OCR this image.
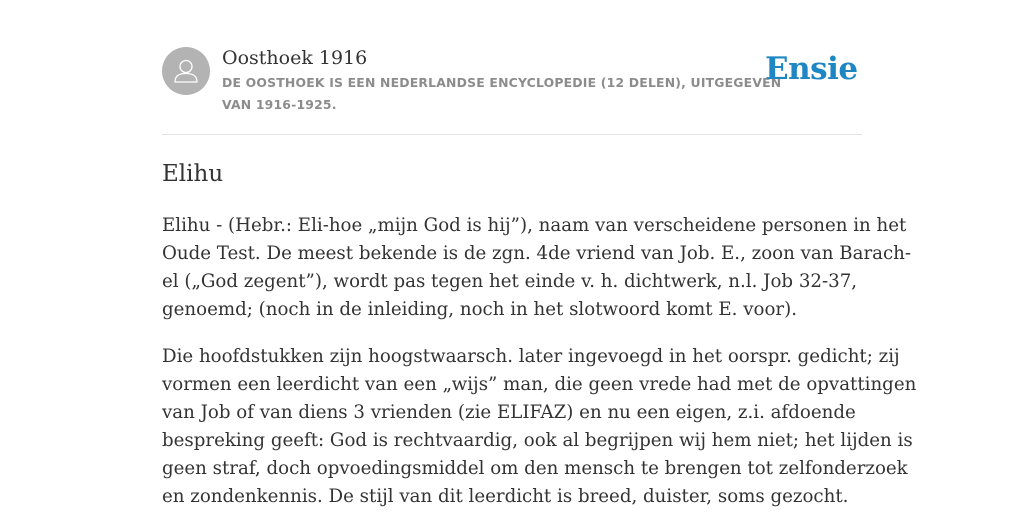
Oosthoek 1916

DE OOSTHOEK IS EEN NEDERLANDSE ENCYCLOPEDIE (12 DELEN), UITGEGEVEN
VAN 1916-1925.

Ensie
Elihu

Elihu - (Hebr.: Eli-hoe „mijn God is hij”), naam van verscheidene personen in het
Oude Test. De meest bekende is de zgn. 4de vriend van Job. E., zoon van Barach-
el („God zegent”), wordt pas tegen het einde v. h. dichtwerk, n.l. Job 32-37,
genoemd; (noch in de inleiding, noch in het slotwoord komt E. voor).

Die hoofdstukken zijn hoogstwaarsch. later ingevoegd in het oorspr. gedicht; zij
vormen een leerdicht van een „wijs” man, die geen vrede had met de opvattingen
van Job of van diens 3 vrienden (zie ELIFAZ) en nu een eigen, z.i. afdoende
bespreking geeft: God is rechtvaardig, ook al begrijpen wij hem niet; het lijden is
geen straf, doch opvoedingsmiddel om den mensch te brengen tot zelfonderzoek
en zondenkennis. De stijl van dit leerdicht is breed, duister, soms gezocht.
